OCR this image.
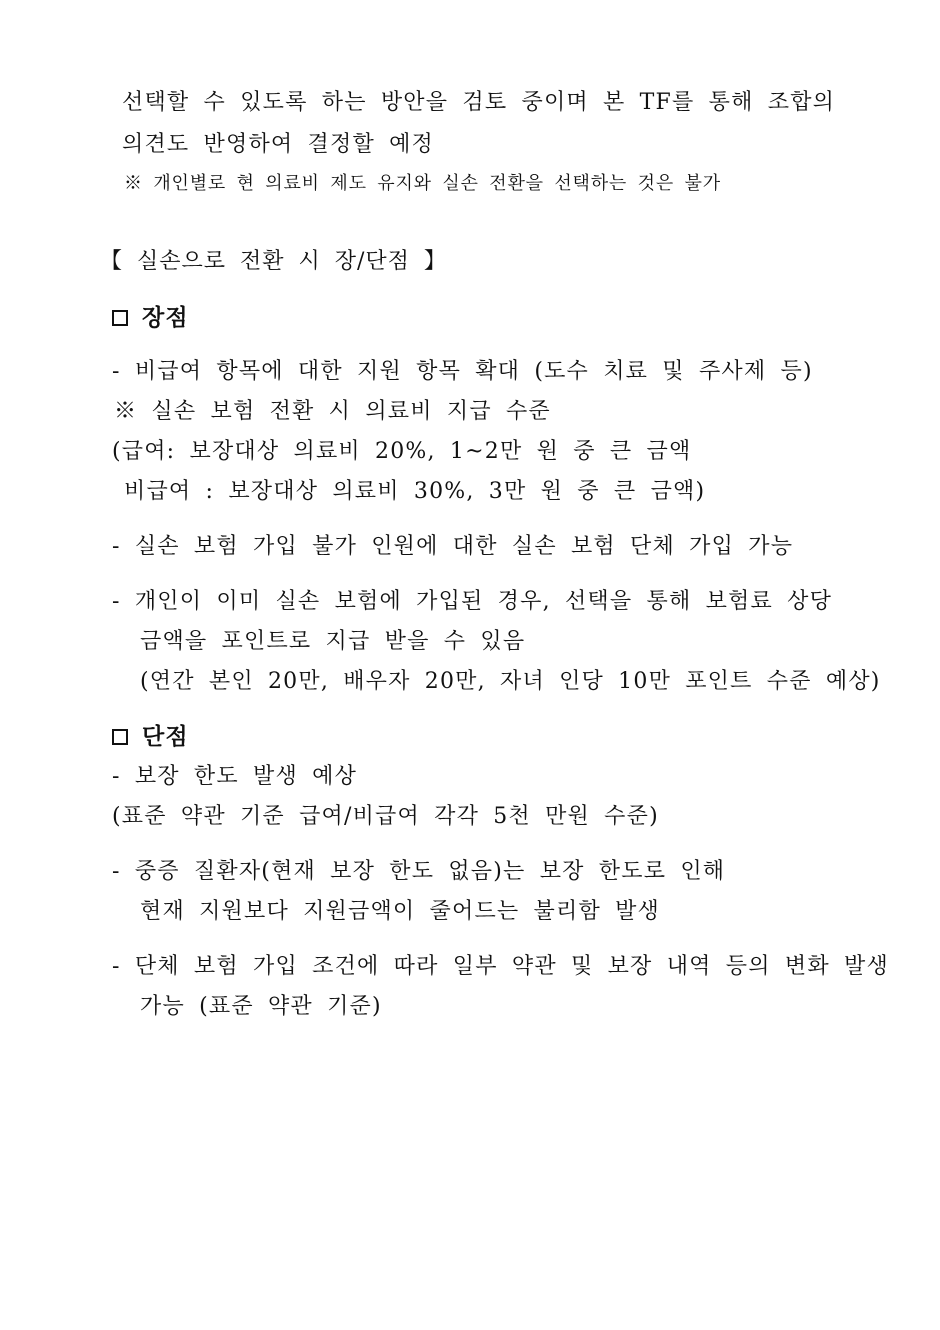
선택할 수 있도록 하는 방안을 검토 중이며 본 TF를 통해 조합의
의견도 반영하여 결정할 예정
※ 개인별로 현 의료비 제도 유지와 실손 전환을 선택하는 것은 불가
【 실손으로 전환 시 장/단점 】
장점
- 비급여 항목에 대한 지원 항목 확대 (도수 치료 및 주사제 등)
※ 실손 보험 전환 시 의료비 지급 수준
(급여: 보장대상 의료비 20%, 1~2만 원 중 큰 금액
비급여 : 보장대상 의료비 30%, 3만 원 중 큰 금액)
- 실손 보험 가입 불가 인원에 대한 실손 보험 단체 가입 가능
- 개인이 이미 실손 보험에 가입된 경우, 선택을 통해 보험료 상당
금액을 포인트로 지급 받을 수 있음
(연간 본인 20만, 배우자 20만, 자녀 인당 10만 포인트 수준 예상)
단점
- 보장 한도 발생 예상
(표준 약관 기준 급여/비급여 각각 5천 만원 수준)
- 중증 질환자(현재 보장 한도 없음)는 보장 한도로 인해
현재 지원보다 지원금액이 줄어드는 불리함 발생
- 단체 보험 가입 조건에 따라 일부 약관 및 보장 내역 등의 변화 발생
가능 (표준 약관 기준)
